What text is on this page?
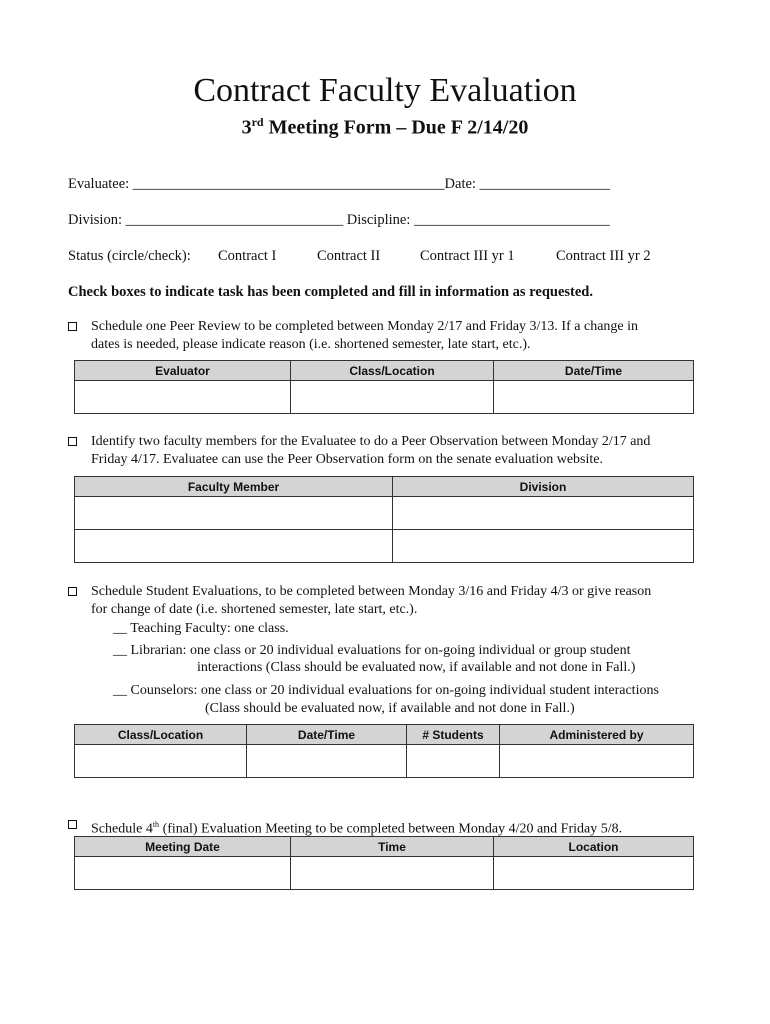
Contract Faculty Evaluation
3rd Meeting Form – Due F 2/14/20
Evaluatee: ___________________________________________Date: __________________
Division: ______________________________ Discipline: ___________________________
Status (circle/check): Contract I	Contract II	Contract III yr 1	Contract III yr 2
Check boxes to indicate task has been completed and fill in information as requested.
Schedule one Peer Review to be completed between Monday 2/17 and Friday 3/13. If a change in
dates is needed, please indicate reason (i.e. shortened semester, late start, etc.).
Evaluator	Class/Location	Date/Time

Identify two faculty members for the Evaluatee to do a Peer Observation between Monday 2/17 and
Friday 4/17. Evaluatee can use the Peer Observation form on the senate evaluation website.
Faculty Member	Division

Schedule Student Evaluations, to be completed between Monday 3/16 and Friday 4/3 or give reason
for change of date (i.e. shortened semester, late start, etc.).
__ Teaching Faculty: one class.
__ Librarian: one class or 20 individual evaluations for on-going individual or group student
interactions (Class should be evaluated now, if available and not done in Fall.)
__ Counselors: one class or 20 individual evaluations for on-going individual student interactions
(Class should be evaluated now, if available and not done in Fall.)
Class/Location	Date/Time	# Students	Administered by

Schedule 4th (final) Evaluation Meeting to be completed between Monday 4/20 and Friday 5/8.
Meeting Date	Time	Location
